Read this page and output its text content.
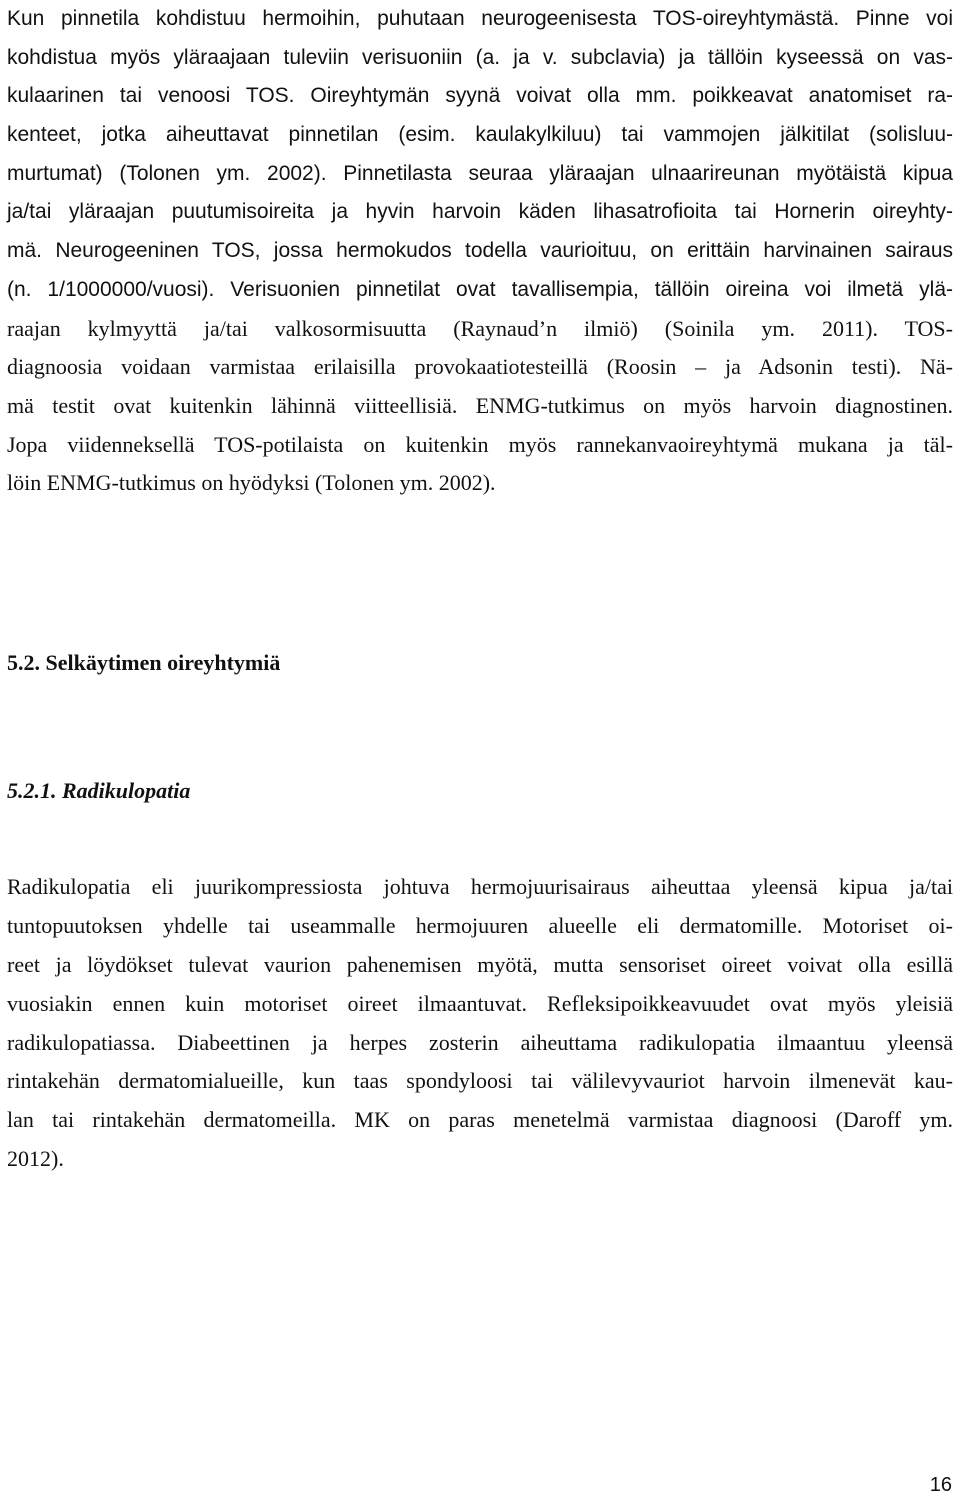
Kun pinnetila kohdistuu hermoihin, puhutaan neurogeenisesta TOS-oireyhtymästä. Pinne voi
kohdistua myös yläraajaan tuleviin verisuoniin (a. ja v. subclavia) ja tällöin kyseessä on vas-
kulaarinen tai venoosi TOS. Oireyhtymän syynä voivat olla mm. poikkeavat anatomiset ra-
kenteet, jotka aiheuttavat pinnetilan (esim. kaulakylkiluu) tai vammojen jälkitilat (solisluu-
murtumat) (Tolonen ym. 2002). Pinnetilasta seuraa yläraajan ulnaarireunan myötäistä kipua
ja/tai yläraajan puutumisoireita ja hyvin harvoin käden lihasatrofioita tai Hornerin oireyhty-
mä. Neurogeeninen TOS, jossa hermokudos todella vaurioituu, on erittäin harvinainen sairaus
(n. 1/1000000/vuosi). Verisuonien pinnetilat ovat tavallisempia, tällöin oireina voi ilmetä ylä-
raajan kylmyyttä ja/tai valkosormisuutta (Raynaud’n ilmiö) (Soinila ym. 2011). TOS-
diagnoosia voidaan varmistaa erilaisilla provokaatiotesteillä (Roosin – ja Adsonin testi). Nä-
mä testit ovat kuitenkin lähinnä viitteellisiä. ENMG-tutkimus on myös harvoin diagnostinen.
Jopa viidenneksellä TOS-potilaista on kuitenkin myös rannekanvaoireyhtymä mukana ja täl-
löin ENMG-tutkimus on hyödyksi (Tolonen ym. 2002).

5.2. Selkäytimen oireyhtymiä
5.2.1. Radikulopatia

Radikulopatia eli juurikompressiosta johtuva hermojuurisairaus aiheuttaa yleensä kipua ja/tai
tuntopuutoksen yhdelle tai useammalle hermojuuren alueelle eli dermatomille. Motoriset oi-
reet ja löydökset tulevat vaurion pahenemisen myötä, mutta sensoriset oireet voivat olla esillä
vuosiakin ennen kuin motoriset oireet ilmaantuvat. Refleksipoikkeavuudet ovat myös yleisiä
radikulopatiassa. Diabeettinen ja herpes zosterin aiheuttama radikulopatia ilmaantuu yleensä
rintakehän dermatomialueille, kun taas spondyloosi tai välilevyvauriot harvoin ilmenevät kau-
lan tai rintakehän dermatomeilla. MK on paras menetelmä varmistaa diagnoosi (Daroff ym.
2012).

16
